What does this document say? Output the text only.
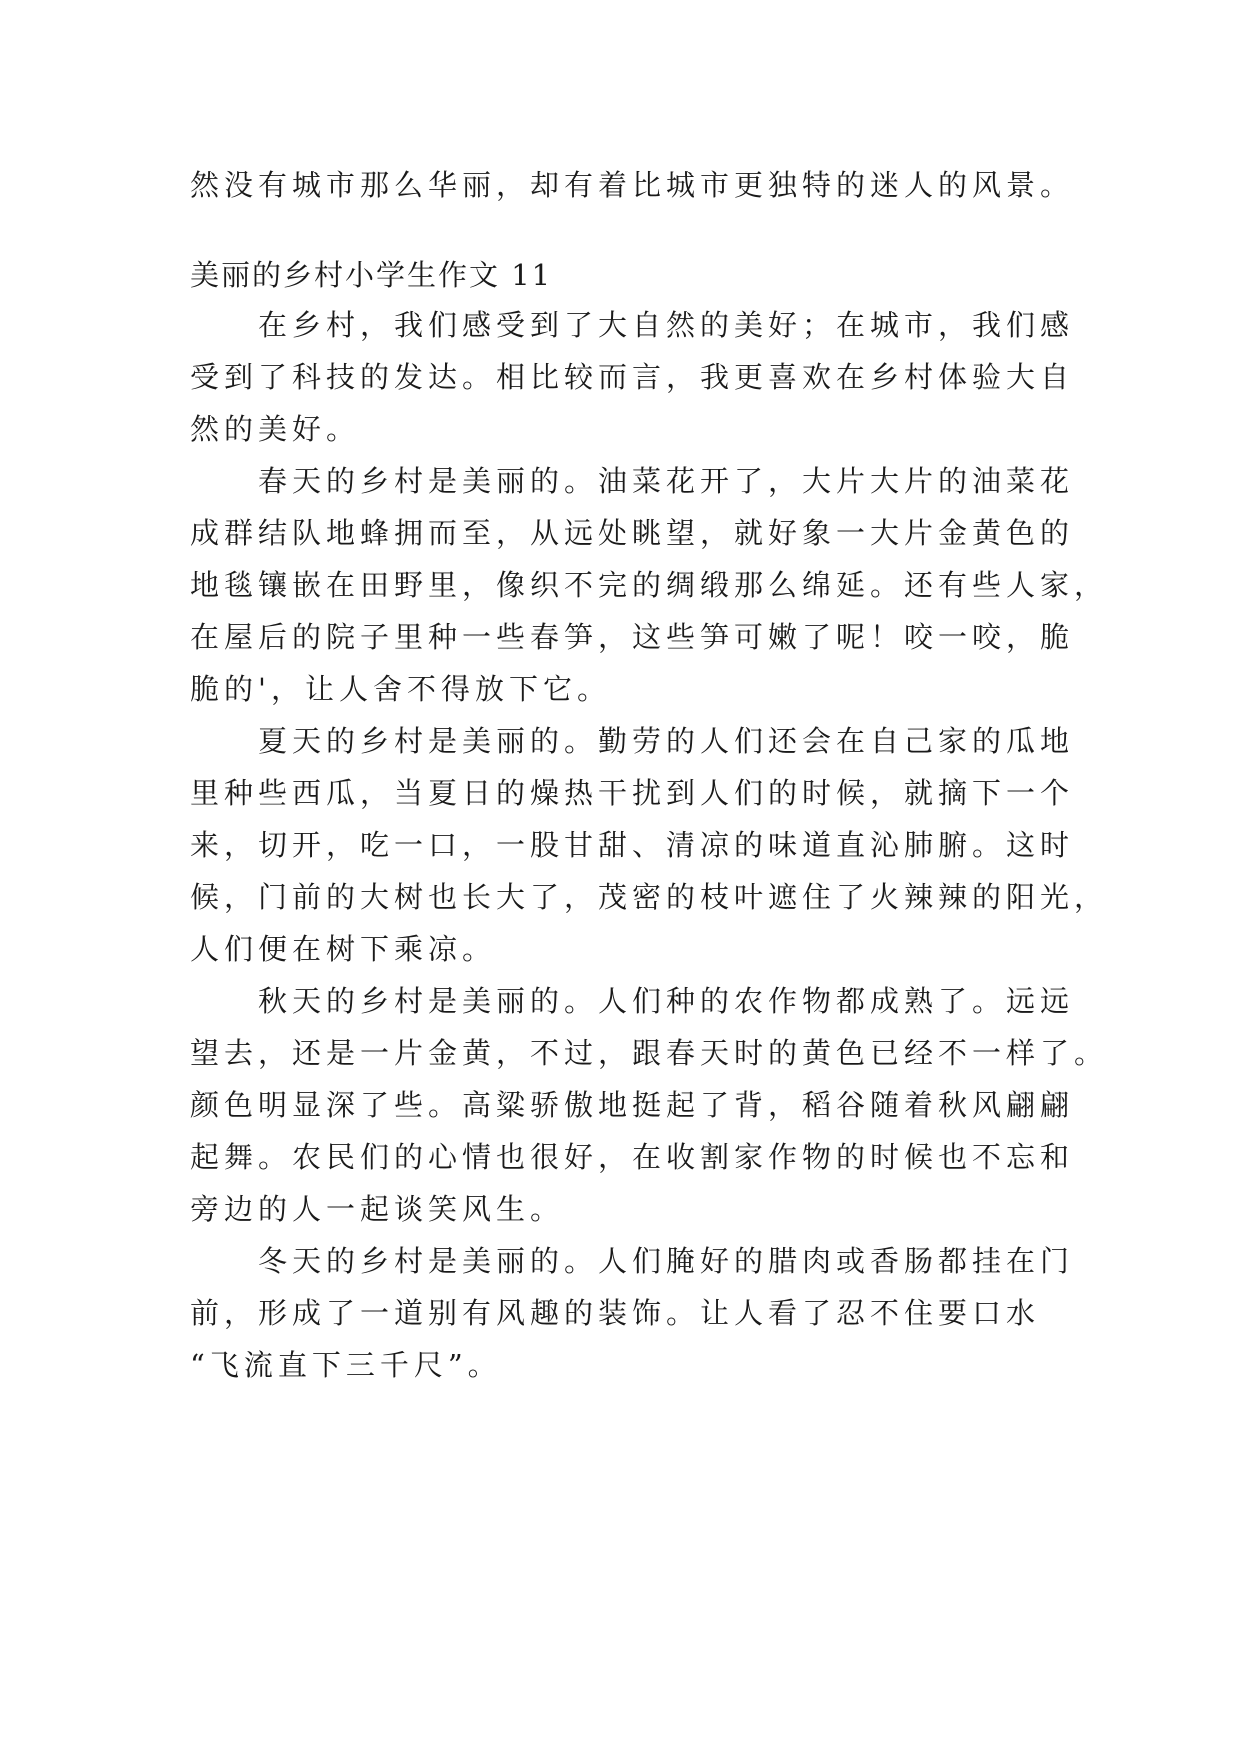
然没有城市那么华丽，却有着比城市更独特的迷人的风景。
美丽的乡村小学生作文 11
在乡村，我们感受到了大自然的美好；在城市，我们感
受到了科技的发达。相比较而言，我更喜欢在乡村体验大自
然的美好。
春天的乡村是美丽的。油菜花开了，大片大片的油菜花
成群结队地蜂拥而至，从远处眺望，就好象一大片金黄色的
地毯镶嵌在田野里，像织不完的绸缎那么绵延。还有些人家，
在屋后的院子里种一些春笋，这些笋可嫩了呢！咬一咬，脆
脆的'，让人舍不得放下它。
夏天的乡村是美丽的。勤劳的人们还会在自己家的瓜地
里种些西瓜，当夏日的燥热干扰到人们的时候，就摘下一个
来，切开，吃一口，一股甘甜、清凉的味道直沁肺腑。这时
候，门前的大树也长大了，茂密的枝叶遮住了火辣辣的阳光，
人们便在树下乘凉。
秋天的乡村是美丽的。人们种的农作物都成熟了。远远
望去，还是一片金黄，不过，跟春天时的黄色已经不一样了。
颜色明显深了些。高粱骄傲地挺起了背，稻谷随着秋风翩翩
起舞。农民们的心情也很好，在收割家作物的时候也不忘和
旁边的人一起谈笑风生。
冬天的乡村是美丽的。人们腌好的腊肉或香肠都挂在门
前，形成了一道别有风趣的装饰。让人看了忍不住要口水
“飞流直下三千尺”。
